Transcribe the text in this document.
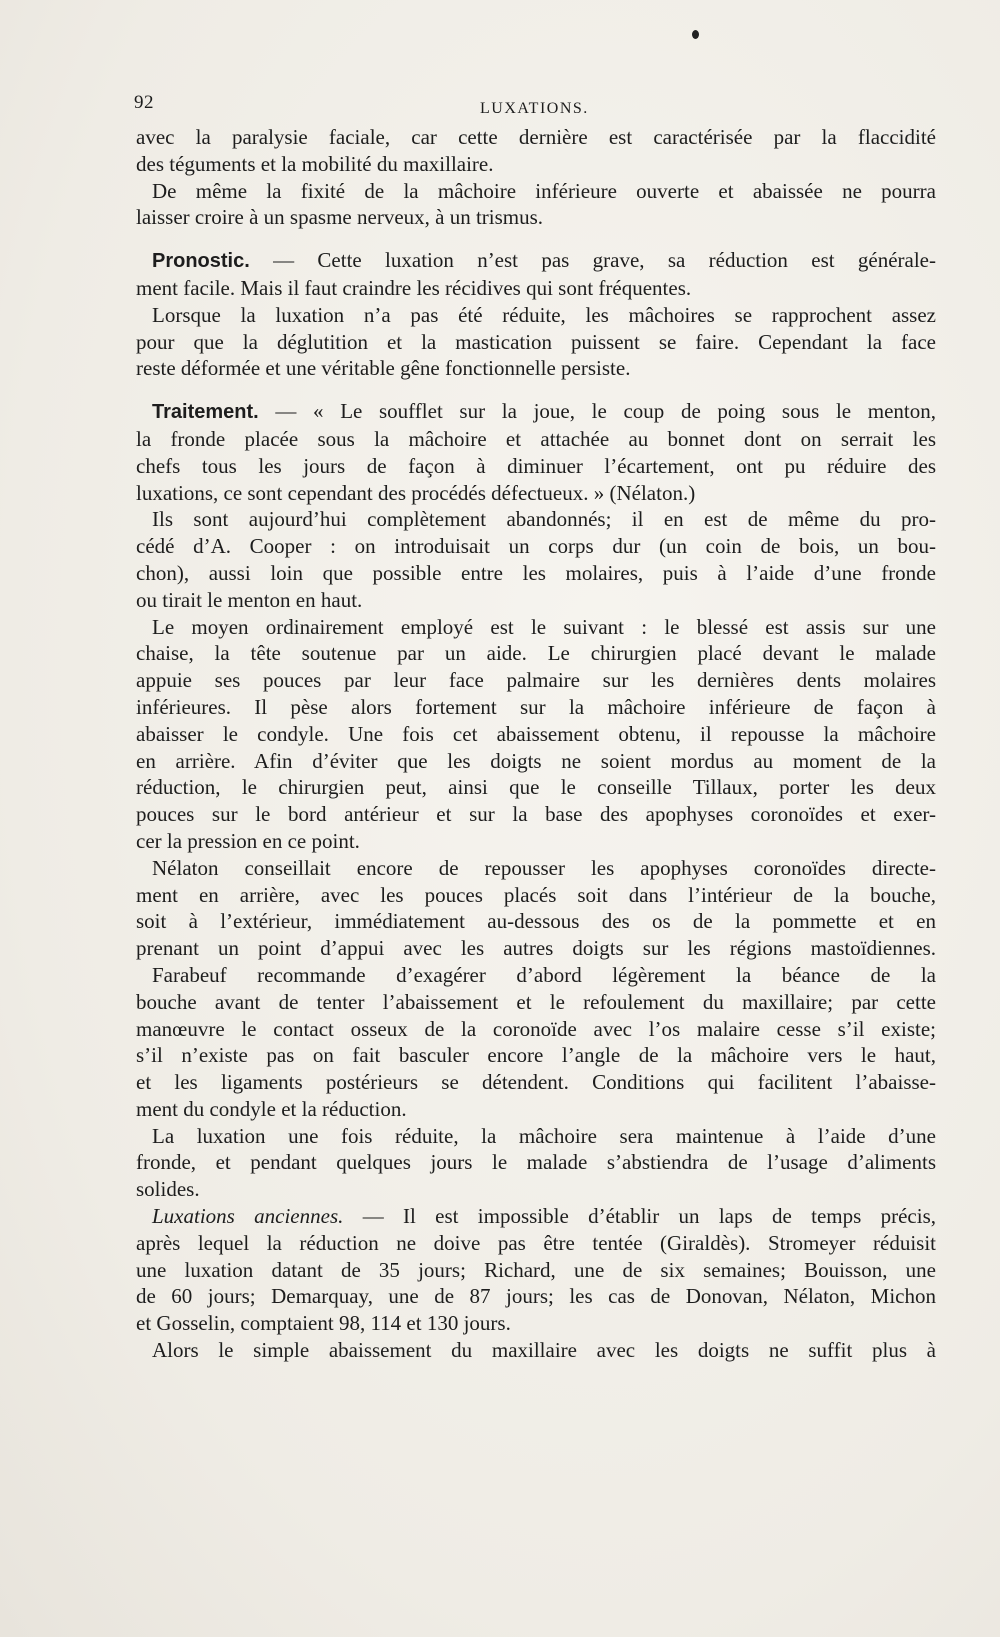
92	LUXATIONS.
avec la paralysie faciale, car cette dernière est caractérisée par la flaccidité
des téguments et la mobilité du maxillaire.
De même la fixité de la mâchoire inférieure ouverte et abaissée ne pourra
laisser croire à un spasme nerveux, à un trismus.
Pronostic. — Cette luxation n’est pas grave, sa réduction est générale-
ment facile. Mais il faut craindre les récidives qui sont fréquentes.
Lorsque la luxation n’a pas été réduite, les mâchoires se rapprochent assez
pour que la déglutition et la mastication puissent se faire. Cependant la face
reste déformée et une véritable gêne fonctionnelle persiste.
Traitement. — « Le soufflet sur la joue, le coup de poing sous le menton,
la fronde placée sous la mâchoire et attachée au bonnet dont on serrait les
chefs tous les jours de façon à diminuer l’écartement, ont pu réduire des
luxations, ce sont cependant des procédés défectueux. » (Nélaton.)
Ils sont aujourd’hui complètement abandonnés; il en est de même du pro-
cédé d’A. Cooper : on introduisait un corps dur (un coin de bois, un bou-
chon), aussi loin que possible entre les molaires, puis à l’aide d’une fronde
ou tirait le menton en haut.
Le moyen ordinairement employé est le suivant : le blessé est assis sur une
chaise, la tête soutenue par un aide. Le chirurgien placé devant le malade
appuie ses pouces par leur face palmaire sur les dernières dents molaires
inférieures. Il pèse alors fortement sur la mâchoire inférieure de façon à
abaisser le condyle. Une fois cet abaissement obtenu, il repousse la mâchoire
en arrière. Afin d’éviter que les doigts ne soient mordus au moment de la
réduction, le chirurgien peut, ainsi que le conseille Tillaux, porter les deux
pouces sur le bord antérieur et sur la base des apophyses coronoïdes et exer-
cer la pression en ce point.
Nélaton conseillait encore de repousser les apophyses coronoïdes directe-
ment en arrière, avec les pouces placés soit dans l’intérieur de la bouche,
soit à l’extérieur, immédiatement au-dessous des os de la pommette et en
prenant un point d’appui avec les autres doigts sur les régions mastoïdiennes.
Farabeuf recommande d’exagérer d’abord légèrement la béance de la
bouche avant de tenter l’abaissement et le refoulement du maxillaire; par cette
manœuvre le contact osseux de la coronoïde avec l’os malaire cesse s’il existe;
s’il n’existe pas on fait basculer encore l’angle de la mâchoire vers le haut,
et les ligaments postérieurs se détendent. Conditions qui facilitent l’abaisse-
ment du condyle et la réduction.
La luxation une fois réduite, la mâchoire sera maintenue à l’aide d’une
fronde, et pendant quelques jours le malade s’abstiendra de l’usage d’aliments
solides.
Luxations anciennes. — Il est impossible d’établir un laps de temps précis,
après lequel la réduction ne doive pas être tentée (Giraldès). Stromeyer réduisit
une luxation datant de 35 jours; Richard, une de six semaines; Bouisson, une
de 60 jours; Demarquay, une de 87 jours; les cas de Donovan, Nélaton, Michon
et Gosselin, comptaient 98, 114 et 130 jours.
Alors le simple abaissement du maxillaire avec les doigts ne suffit plus à
